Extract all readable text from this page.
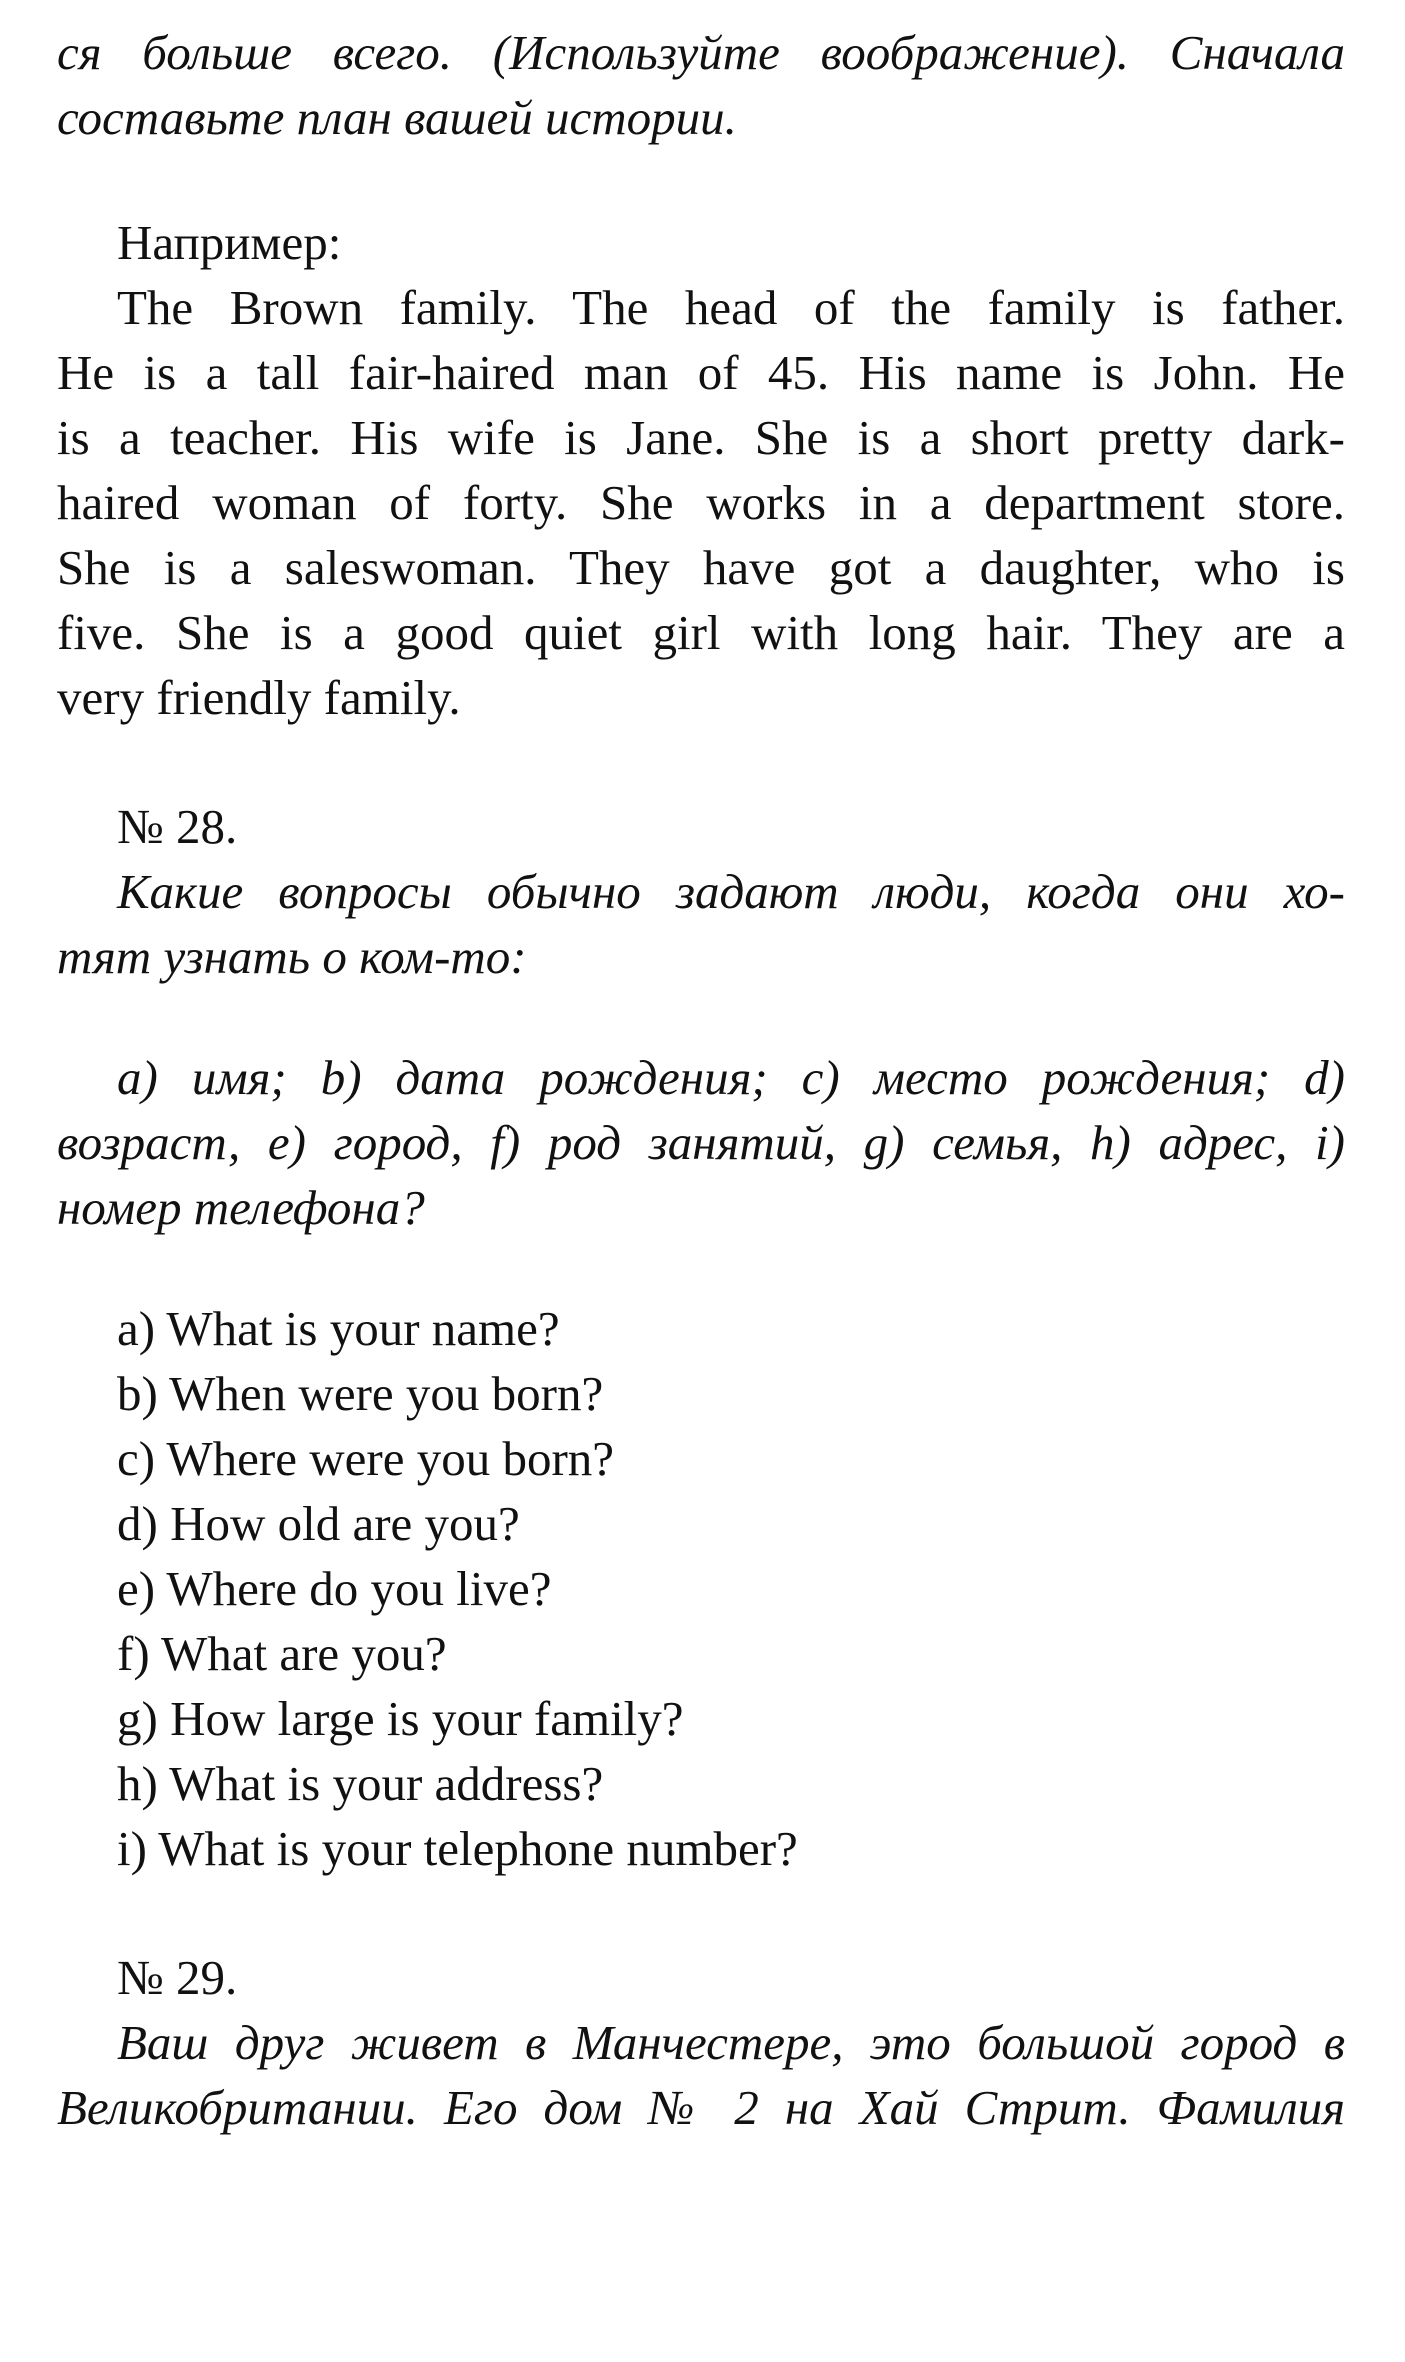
ся больше всего. (Используйте воображение). Сначала
составьте план вашей истории.
Например:
The Brown family. The head of the family is father.
He is a tall fair-haired man of 45. His name is John. He
is a teacher. His wife is Jane. She is a short pretty dark-
haired woman of forty. She works in a department store.
She is a saleswoman. They have got a daughter, who is
five. She is a good quiet girl with long hair. They are a
very friendly family.
№ 28.
Какие вопросы обычно задают люди, когда они хо-
тят узнать о ком-то:
a) имя; b) дата рождения; c) место рождения; d)
возраст, e) город, f) род занятий, g) семья, h) адрес, i)
номер телефона?
a) What is your name?
b) When were you born?
c) Where were you born?
d) How old are you?
e) Where do you live?
f) What are you?
g) How large is your family?
h) What is your address?
i) What is your telephone number?
№ 29.
Ваш друг живет в Манчестере, это большой город в
Великобритании. Его дом № 2 на Хай Стрит. Фамилия
